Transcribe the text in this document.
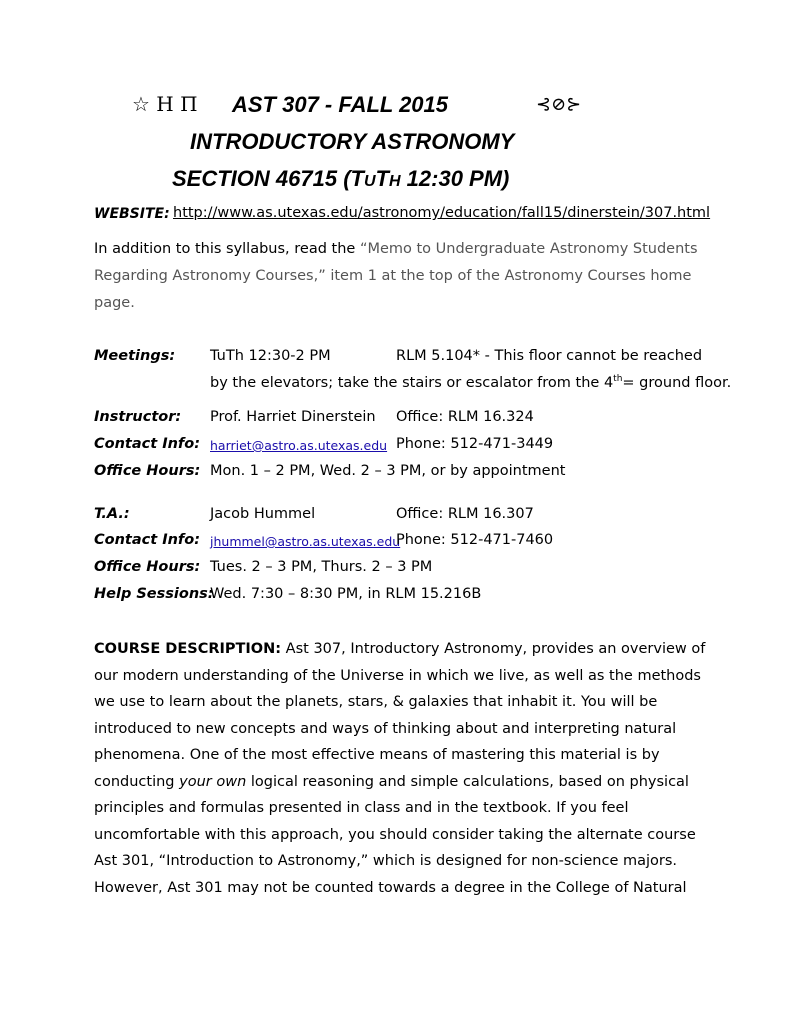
☆ Η Π AST 307 - FALL 2015	⊰⊘⊱
INTRODUCTORY ASTRONOMY
SECTION 46715 (TUTH 12:30 PM)
WEBSITE: http://www.as.utexas.edu/astronomy/education/fall15/dinerstein/307.html
In addition to this syllabus, read the “Memo to Undergraduate Astronomy Students
Regarding Astronomy Courses,” item 1 at the top of the Astronomy Courses home
page.
Meetings: TuTh 12:30-2 PM	RLM 5.104* - This floor cannot be reached
by the elevators; take the stairs or escalator from the 4th= ground floor.
Instructor: Prof. Harriet Dinerstein Office: RLM 16.324
Contact Info: harriet@astro.as.utexas.edu Phone: 512-471-3449
Office Hours: Mon. 1 – 2 PM, Wed. 2 – 3 PM, or by appointment
T.A.:	Jacob Hummel	Office: RLM 16.307
Contact Info: jhummel@astro.as.utexas.edu
Phone: 512-471-7460
Office Hours: Tues. 2 – 3 PM, Thurs. 2 – 3 PM
Help Sessions:
Wed. 7:30 – 8:30 PM, in RLM 15.216B
COURSE DESCRIPTION: Ast 307, Introductory Astronomy, provides an overview of
our modern understanding of the Universe in which we live, as well as the methods
we use to learn about the planets, stars, & galaxies that inhabit it. You will be
introduced to new concepts and ways of thinking about and interpreting natural
phenomena. One of the most effective means of mastering this material is by
conducting your own logical reasoning and simple calculations, based on physical
principles and formulas presented in class and in the textbook. If you feel
uncomfortable with this approach, you should consider taking the alternate course
Ast 301, “Introduction to Astronomy,” which is designed for non-science majors.
However, Ast 301 may not be counted towards a degree in the College of Natural
